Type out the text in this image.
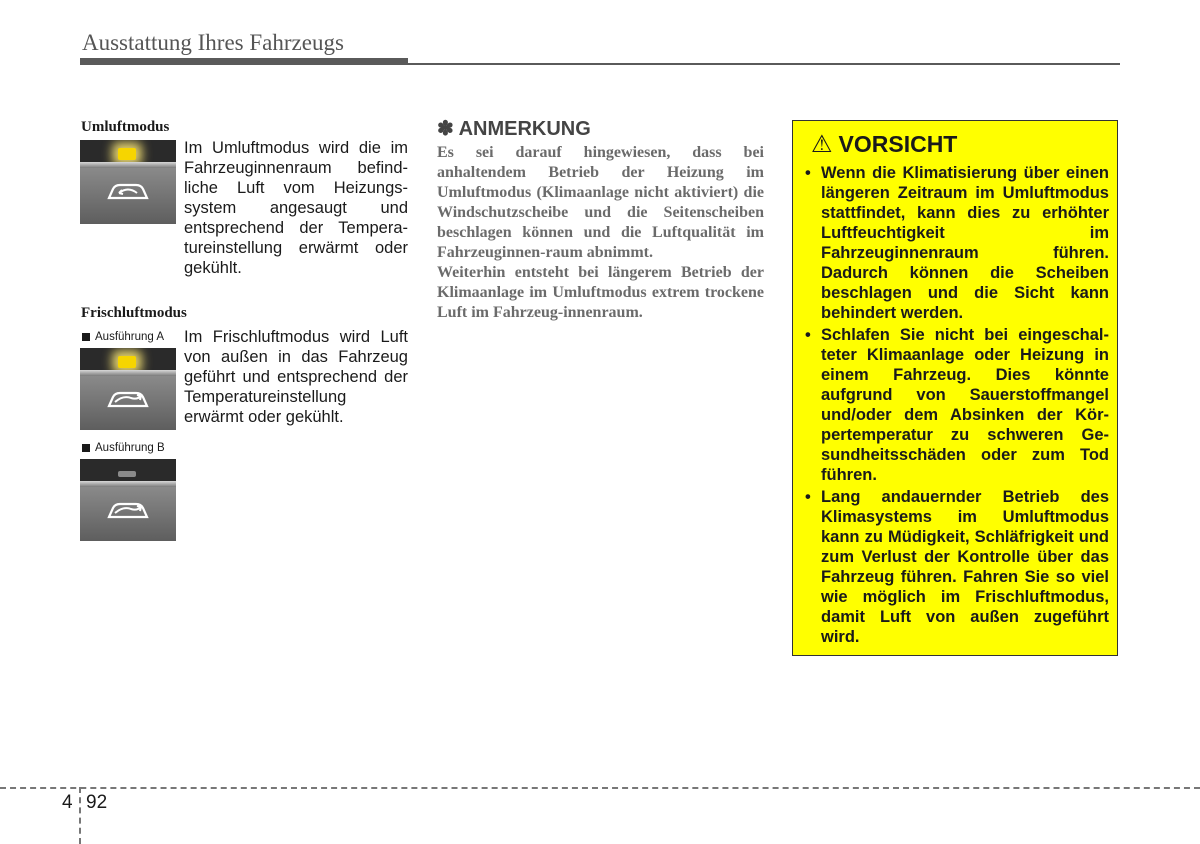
Ausstattung Ihres Fahrzeugs
Umluftmodus
Im Umluftmodus wird die im Fahrzeuginnenraum befind-liche Luft vom Heizungs-system angesaugt und entsprechend der Tempera-tureinstellung erwärmt oder gekühlt.
Frischluftmodus
Ausführung A Im Frischluftmodus wird Luft von außen in das Fahrzeug geführt und entsprechend der Temperatureinstellung erwärmt oder gekühlt.
Ausführung B
✽ ANMERKUNG
Es sei darauf hingewiesen, dass bei anhaltendem Betrieb der Heizung im Umluftmodus (Klimaanlage nicht aktiviert) die Windschutzscheibe und die Seitenscheiben beschlagen können und die Luftqualität im Fahrzeuginnen-raum abnimmt.
Weiterhin entsteht bei längerem Betrieb der Klimaanlage im Umluftmodus extrem trockene Luft im Fahrzeug-innenraum.
⚠ VORSICHT
• Wenn die Klimatisierung über einen längeren Zeitraum im Umluftmodus stattfindet, kann dies zu erhöhter Luftfeuchtigkeit im Fahrzeuginnenraum führen. Dadurch können die Scheiben beschlagen und die Sicht kann behindert werden.
• Schlafen Sie nicht bei eingeschal-teter Klimaanlage oder Heizung in einem Fahrzeug. Dies könnte aufgrund von Sauerstoffmangel und/oder dem Absinken der Kör-pertemperatur zu schweren Ge-sundheitsschäden oder zum Tod führen.
• Lang andauernder Betrieb des Klimasystems im Umluftmodus kann zu Müdigkeit, Schläfrigkeit und zum Verlust der Kontrolle über das Fahrzeug führen. Fahren Sie so viel wie möglich im Frischluftmodus, damit Luft von außen zugeführt wird.
4 92
